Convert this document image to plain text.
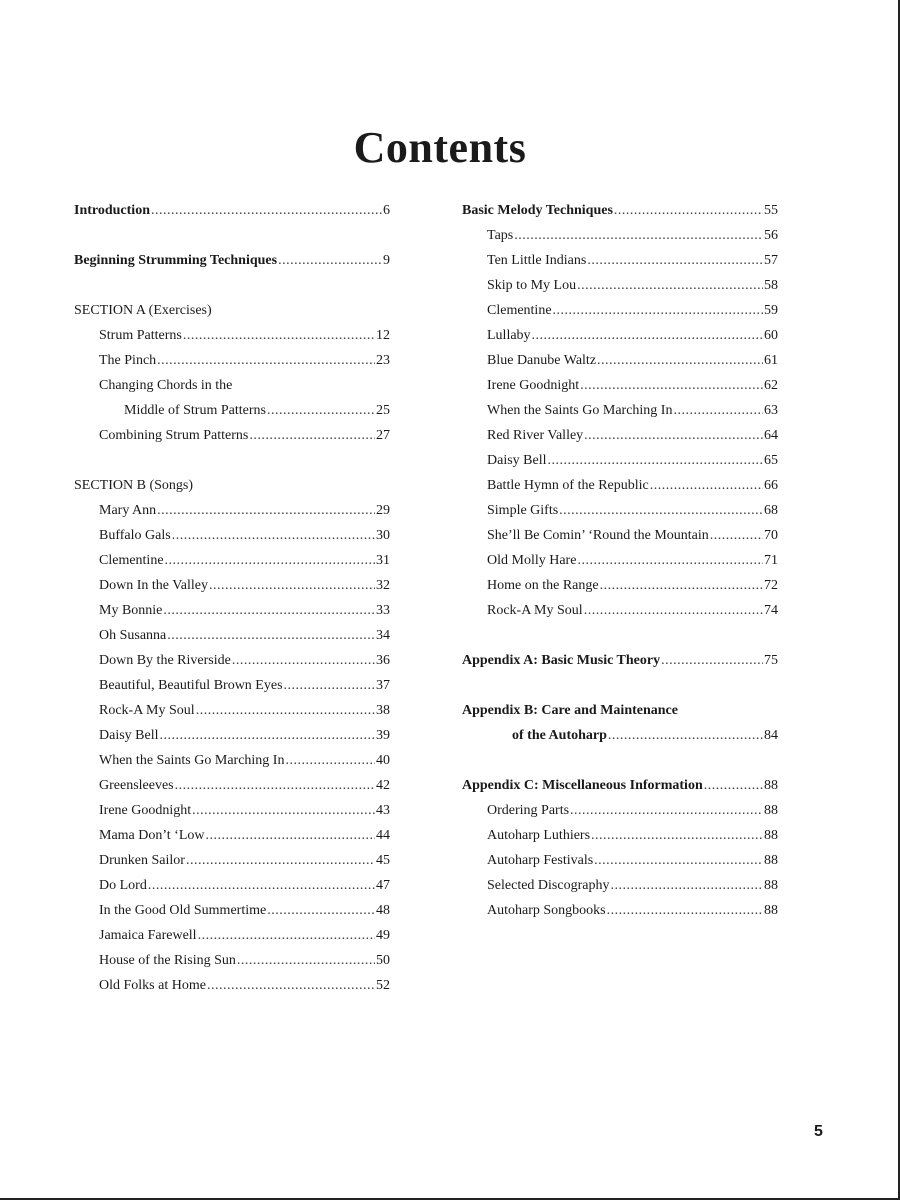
Contents
Introduction .....	6
Beginning Strumming Techniques .....	9
SECTION A (Exercises)
Strum Patterns .....	12
The Pinch .....	23
Changing Chords in the
Middle of Strum Patterns .....	25
Combining Strum Patterns .....	27
SECTION B (Songs)
Mary Ann .....	29
Buffalo Gals .....	30
Clementine .....	31
Down In the Valley .....	32
My Bonnie .....	33
Oh Susanna .....	34
Down By the Riverside .....	36
Beautiful, Beautiful Brown Eyes .....	37
Rock-A My Soul .....	38
Daisy Bell .....	39
When the Saints Go Marching In .....	40
Greensleeves .....	42
Irene Goodnight .....	43
Mama Don’t ‘Low .....	44
Drunken Sailor .....	45
Do Lord .....	47
In the Good Old Summertime .....	48
Jamaica Farewell .....	49
House of the Rising Sun .....	50
Old Folks at Home .....	52
Basic Melody Techniques .....	55
Taps .....	56
Ten Little Indians .....	57
Skip to My Lou .....	58
Clementine .....	59
Lullaby .....	60
Blue Danube Waltz .....	61
Irene Goodnight .....	62
When the Saints Go Marching In .....	63
Red River Valley .....	64
Daisy Bell .....	65
Battle Hymn of the Republic .....	66
Simple Gifts .....	68
She’ll Be Comin’ ‘Round the Mountain .....	70
Old Molly Hare .....	71
Home on the Range .....	72
Rock-A My Soul .....	74
Appendix A: Basic Music Theory .....	75
Appendix B: Care and Maintenance
of the Autoharp .....	84
Appendix C: Miscellaneous Information .....	88
Ordering Parts .....	88
Autoharp Luthiers .....	88
Autoharp Festivals .....	88
Selected Discography .....	88
Autoharp Songbooks .....	88
5
